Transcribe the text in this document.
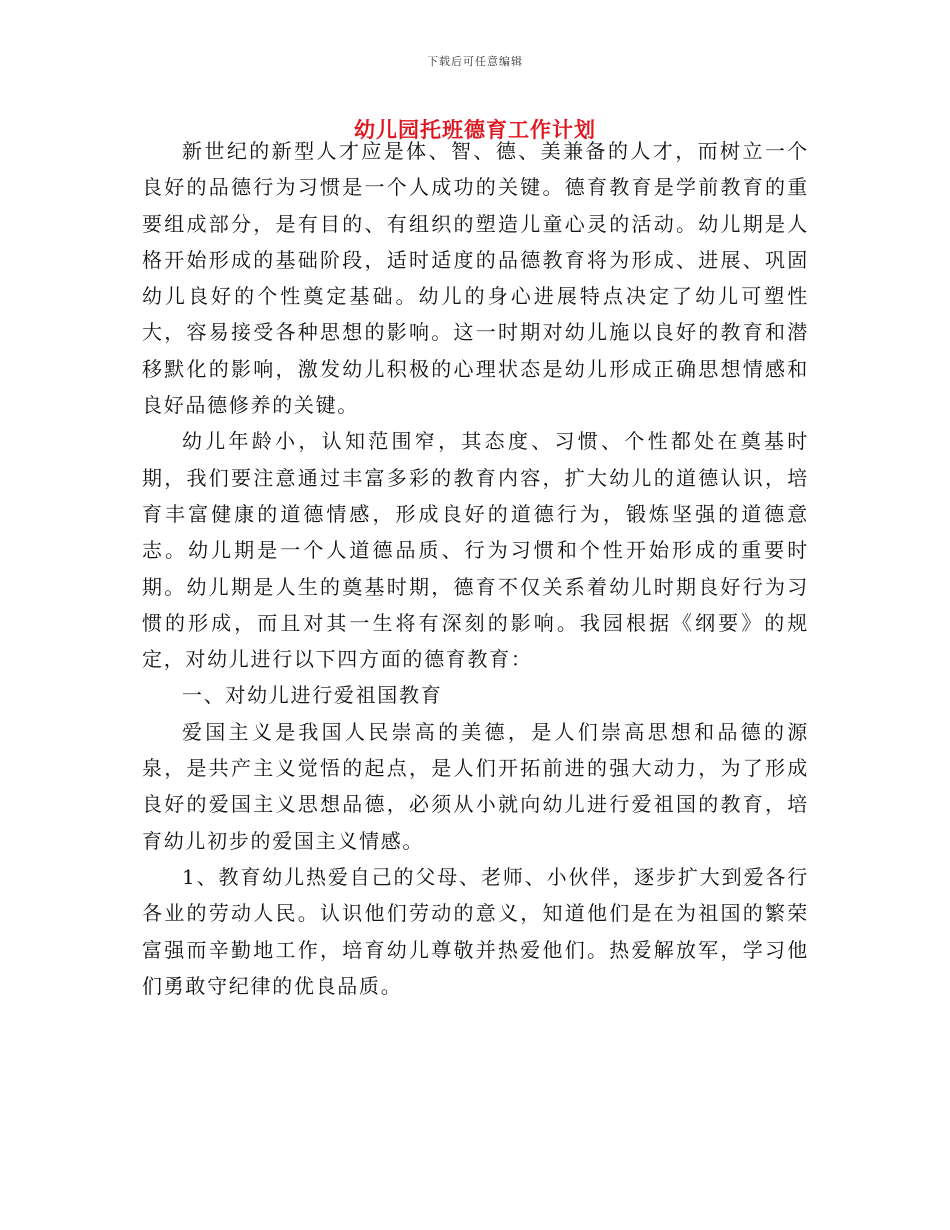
下载后可任意编辑
幼儿园托班德育工作计划

新世纪的新型人才应是体、智、德、美兼备的人才，而树立一个良好的品德行为习惯是一个人成功的关键。德育教育是学前教育的重要组成部分，是有目的、有组织的塑造儿童心灵的活动。幼儿期是人格开始形成的基础阶段，适时适度的品德教育将为形成、进展、巩固幼儿良好的个性奠定基础。幼儿的身心进展特点决定了幼儿可塑性大，容易接受各种思想的影响。这一时期对幼儿施以良好的教育和潜移默化的影响，激发幼儿积极的心理状态是幼儿形成正确思想情感和良好品德修养的关键。

幼儿年龄小，认知范围窄，其态度、习惯、个性都处在奠基时期，我们要注意通过丰富多彩的教育内容，扩大幼儿的道德认识，培育丰富健康的道德情感，形成良好的道德行为，锻炼坚强的道德意志。幼儿期是一个人道德品质、行为习惯和个性开始形成的重要时期。幼儿期是人生的奠基时期，德育不仅关系着幼儿时期良好行为习惯的形成，而且对其一生将有深刻的影响。我园根据《纲要》的规定，对幼儿进行以下四方面的德育教育：

一、对幼儿进行爱祖国教育

爱国主义是我国人民崇高的美德，是人们崇高思想和品德的源泉，是共产主义觉悟的起点，是人们开拓前进的强大动力，为了形成良好的爱国主义思想品德，必须从小就向幼儿进行爱祖国的教育，培育幼儿初步的爱国主义情感。

1、教育幼儿热爱自己的父母、老师、小伙伴，逐步扩大到爱各行各业的劳动人民。认识他们劳动的意义，知道他们是在为祖国的繁荣富强而辛勤地工作，培育幼儿尊敬并热爱他们。热爱解放军，学习他们勇敢守纪律的优良品质。
